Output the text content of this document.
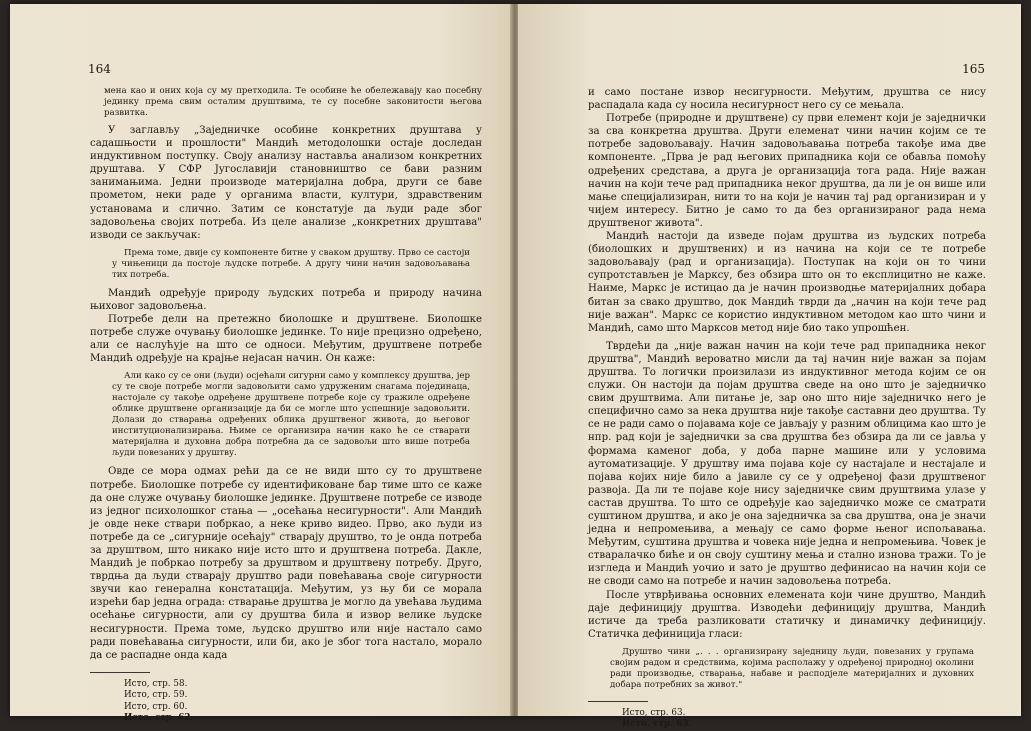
164

мена као и оних која су му претходила. Те особине ће обележавају као посебну јединку према свим осталим друштвима, те су посебне законитости његова развитка.

У заглављу „Заједничке особине конкретних друштава у садашњости и прошлости" Мандић методолошки остаје доследан индуктивном поступку. Своју анализу наставља анализом конкретних друштава. У СФР Југославији становништво се бави разним занимањима. Једни производе материјална добра, други се баве прометом, неки раде у органима власти, култури, здравственим установама и слично. Затим се констатује да људи раде због задовољења својих потреба. Из целе анализе „конкретних друштава" изводи се закључак:

Према томе, двије су компоненте битне у сваком друштву. Прво се састоји у чињеници да постоје људске потребе. А другу чини начин задовољавања тих потреба.

Мандић одређује природу људских потреба и природу начина њиховог задовољења.

Потребе дели на претежно биолошке и друштвене. Биолошке потребе служе очувању биолошке јединке. То није прецизно одређено, али се наслућује на што се односи. Међутим, друштвене потребе Мандић одређује на крајње нејасан начин. Он каже:

Али како су се они (људи) осјећали сигурни само у комплексу друштва, јер су те своје потребе могли задовољити само удруженим снагама појединаца, настојале су такође одређене друштвене потребе које су тражиле одређене облике друштвене организације да би се могле што успешније задовољити. Долази до стварања одређених облика друштвеног живота, до његовог институционализирања. Њиме се организира начин како ће се стварати материјална и духовна добра потребна да се задовољи што више потреба људи повезаних у друштву.

Овде се мора одмах рећи да се не види што су то друштвене потребе. Биолошке потребе су идентификоване бар тиме што се каже да оне служе очувању биолошке јединке. Друштвене потребе се изводе из једног психолошког стања — „осећања несигурности". Али Мандић је овде неке ствари побркао, а неке криво видео. Прво, ако људи из потребе да се „сигурније осећају" стварају друштво, то је онда потреба за друштвом, што никако није исто што и друштвена потреба. Дакле, Мандић је побркао потребу за друштвом и друштвену потребу. Друго, тврдња да људи стварају друштво ради повећавања своје сигурности звучи као генерална констатација. Међутим, уз њу би се морала изрећи бар једна ограда: стварање друштва је могло да увећава људима осећање сигурности, али су друштва била и извор велике људске несигурности. Према томе, људско друштво или није настало само ради повећавања сигурности, или би, ако је због тога настало, морало да се распадне онда када

Исто, стр. 58.
Исто, стр. 59.
Исто, стр. 60.
Исто, стр. 62.
165

и само постане извор несигурности. Међутим, друштва се нису распадала када су носила несигурност него су се мењала.

Потребе (природне и друштвене) су први елемент који је заједнички за сва конкретна друштва. Други елеменат чини начин којим се те потребе задовољавају. Начин задовољавања потреба такође има две компоненте. „Прва је рад његових припадника који се обавља помоћу одређених средстава, а друга је организација тога рада. Није важан начин на који тече рад припадника неког друштва, да ли је он више или мање специјализиран, нити то на који је начин тај рад организиран и у чијем интересу. Битно је само то да без организираног рада нема друштвеног живота".

Мандић настоји да изведе појам друштва из људских потреба (биолошких и друштвених) и из начина на који се те потребе задовољавају (рад и организација). Поступак на који он то чини супротстављен је Марксу, без обзира што он то експлицитно не каже. Наиме, Маркс је истицао да је начин производње материјалних добара битан за свако друштво, док Мандић тврди да „начин на који тече рад није важан". Маркс се користио индуктивном методом као што чини и Мандић, само што Марксов метод није био тако упрошћен.

Тврдећи да „није важан начин на који тече рад припадника неког друштва", Мандић вероватно мисли да тај начин није важан за појам друштва. То логички произилази из индуктивног метода којим се он служи. Он настоји да појам друштва сведе на оно што је заједничко свим друштвима. Али питање је, зар оно што није заједничко него је специфично само за нека друштва није такође саставни део друштва. Ту се не ради само о појавама које се јављају у разним облицима као што је нпр. рад који је заједнички за сва друштва без обзира да ли се јавља у формама каменог доба, у доба парне машине или у условима аутоматизације. У друштву има појава које су настајале и нестајале и појава којих није било а јавиле су се у одређеној фази друштвеног развоја. Да ли те појаве које нису заједничке свим друштвима улазе у састав друштва. То што се одређује као заједничко може се сматрати суштином друштва, и ако је она заједничка за сва друштва, она је значи једна и непромењива, а мењају се само форме њеног испољавања. Међутим, суштина друштва и човека није једна и непромењива. Човек је стваралачко биће и он своју суштину мења и стално изнова тражи. То је изгледа и Мандић уочио и зато је друштво дефинисао на начин који се не своди само на потребе и начин задовољења потреба.

После утврђивања основних елемената који чине друштво, Мандић даје дефиницију друштва. Изводећи дефиницију друштва, Мандић истиче да треба разликовати статичку и динамичку дефиницију. Статичка дефиниција гласи:

Друштво чини „. . . организирану заједницу људи, повезаних у групама својим радом и средствима, којима располажу у одређеној природној околини ради производње, стварања, набаве и расподјеле материјалних и духовних добара потребних за живот."

Исто, стр. 63.
Исто, стр. 63.
